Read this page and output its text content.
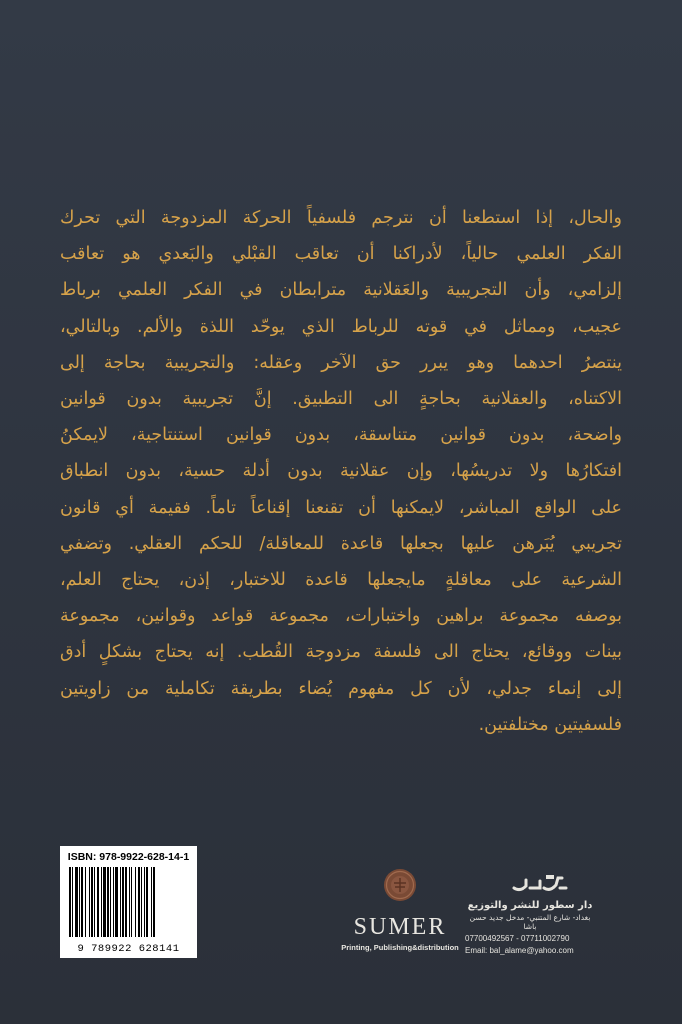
والحال، إذا استطعنا أن نترجم فلسفياً الحركة المزدوجة التي تحرك
الفكر العلمي حالياً، لأدراكنا أن تعاقب القبْلي والبَعدي هو تعاقب
إلزامي، وأن التجريبية والعَقلانية مترابطان في الفكر العلمي برباط
عجيب، ومماثل في قوته للرباط الذي يوحّد اللذة والألم. وبالتالي،
ينتصرُ احدهما وهو يبرر حق الآخر وعقله: والتجريبية بحاجة إلى
الاكتناه، والعقلانية بحاجةٍ الى التطبيق. إنَّ تجريبية بدون قوانين
واضحة، بدون قوانين متناسقة، بدون قوانين استنتاجية، لايمكنُ
افتكارُها ولا تدريسُها، وإن عقلانية بدون أدلة حسية، بدون انطباق
على الواقع المباشر، لايمكنها أن تقنعنا إقناعاً تاماً. فقيمة أي قانون
تجريبي يُبَرهن عليها بجعلها قاعدة للمعاقلة/ للحكم العقلي. وتضفي
الشرعية على معاقلةٍ مايجعلها قاعدة للاختبار، إذن، يحتاج العلم،
بوصفه مجموعة براهين واختبارات، مجموعة قواعد وقوانين، مجموعة
بينات ووقائع، يحتاج الى فلسفة مزدوجة القُطب. إنه يحتاج بشكلٍ أدق
إلى إنماء جدلي، لأن كل مفهوم يُضاء بطريقة تكاملية من زاويتين
فلسفيتين مختلفتين.
ISBN: 978-9922-628-14-1
9 789922 628141
SUMER
Printing, Publishing&distribution
دار سطور للنشر والتوزيع
بغداد- شارع المتنبي- مدخل جديد حسن باشا
07700492567 - 07711002790
Email: bal_alame@yahoo.com
